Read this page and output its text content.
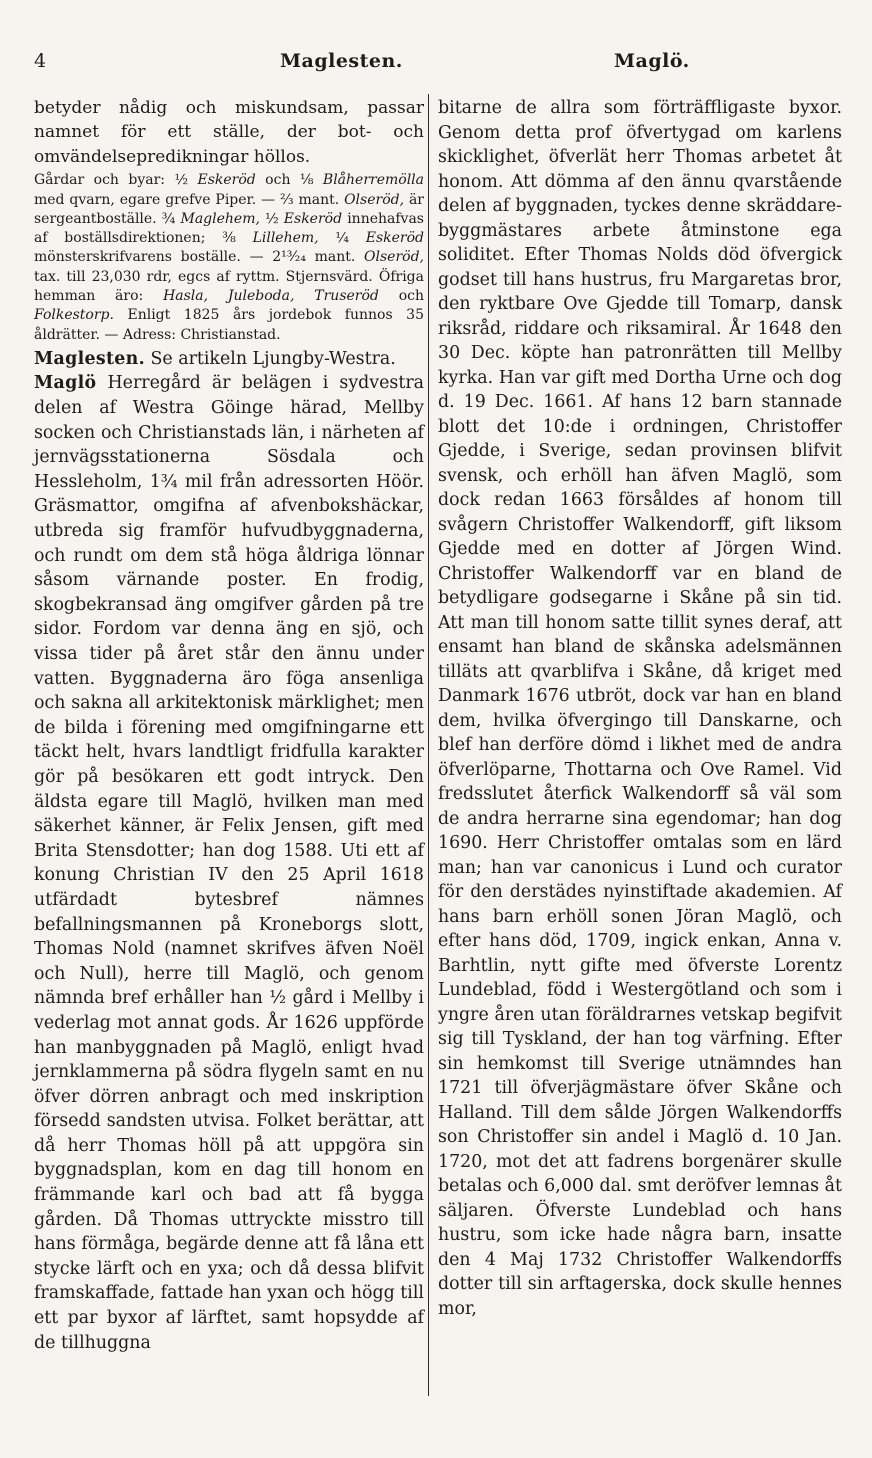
4	Maglesten.	Maglö.

betyder nådig och miskundsam, passar namnet för ett ställe, der bot- och omvändelsepredikningar höllos.

Gårdar och byar: ½ Eskeröd och ⅛ Blåherremölla med qvarn, egare grefve Piper. — ⅔ mant. Olseröd, är sergeantboställe. ¾ Maglehem, ½ Eskeröd innehafvas af boställsdirektionen; ⅜ Lillehem, ¼ Eskeröd mönsterskrifvarens boställe. — 2¹³⁄₂₄ mant. Olseröd, tax. till 23,030 rdr, egcs af ryttm. Stjernsvärd. Öfriga hemman äro: Hasla, Juleboda, Truseröd och Folkestorp. Enligt 1825 års jordebok funnos 35 åldrätter. — Adress: Christianstad.

Maglesten. Se artikeln Ljungby-Westra.

Maglö Herregård är belägen i sydvestra delen af Westra Göinge härad, Mellby socken och Christianstads län, i närheten af jernvägsstationerna Sösdala och Hessleholm, 1¾ mil från adressorten Höör. Gräsmattor, omgifna af afvenbokshäckar, utbreda sig framför hufvudbyggnaderna, och rundt om dem stå höga åldriga lönnar såsom värnande poster. En frodig, skogbekransad äng omgifver gården på tre sidor. Fordom var denna äng en sjö, och vissa tider på året står den ännu under vatten. Byggnaderna äro föga ansenliga och sakna all arkitektonisk märklighet; men de bilda i förening med omgifningarne ett täckt helt, hvars landtligt fridfulla karakter gör på besökaren ett godt intryck. Den äldsta egare till Maglö, hvilken man med säkerhet känner, är Felix Jensen, gift med Brita Stensdotter; han dog 1588. Uti ett af konung Christian IV den 25 April 1618 utfärdadt bytesbref nämnes befallningsmannen på Kroneborgs slott, Thomas Nold (namnet skrifves äfven Noël och Null), herre till Maglö, och genom nämnda bref erhåller han ½ gård i Mellby i vederlag mot annat gods. År 1626 uppförde han manbyggnaden på Maglö, enligt hvad jernklammerna på södra flygeln samt en nu öfver dörren anbragt och med inskription försedd sandsten utvisa. Folket berättar, att då herr Thomas höll på att uppgöra sin byggnadsplan, kom en dag till honom en främmande karl och bad att få bygga gården. Då Thomas uttryckte misstro till hans förmåga, begärde denne att få låna ett stycke lärft och en yxa; och då dessa blifvit framskaffade, fattade han yxan och högg till ett par byxor af lärftet, samt hopsydde af de tillhuggna

bitarne de allra som förträffligaste byxor. Genom detta prof öfvertygad om karlens skicklighet, öfverlät herr Thomas arbetet åt honom. Att dömma af den ännu qvarstående delen af byggnaden, tyckes denne skräddare-byggmästares arbete åtminstone ega soliditet. Efter Thomas Nolds död öfvergick godset till hans hustrus, fru Margaretas bror, den ryktbare Ove Gjedde till Tomarp, dansk riksråd, riddare och riksamiral. År 1648 den 30 Dec. köpte han patronrätten till Mellby kyrka. Han var gift med Dortha Urne och dog d. 19 Dec. 1661. Af hans 12 barn stannade blott det 10:de i ordningen, Christoffer Gjedde, i Sverige, sedan provinsen blifvit svensk, och erhöll han äfven Maglö, som dock redan 1663 försåldes af honom till svågern Christoffer Walkendorff, gift liksom Gjedde med en dotter af Jörgen Wind. Christoffer Walkendorff var en bland de betydligare godsegarne i Skåne på sin tid. Att man till honom satte tillit synes deraf, att ensamt han bland de skånska adelsmännen tilläts att qvarblifva i Skåne, då kriget med Danmark 1676 utbröt, dock var han en bland dem, hvilka öfvergingo till Danskarne, och blef han derföre dömd i likhet med de andra öfverlöparne, Thottarna och Ove Ramel. Vid fredsslutet återfick Walkendorff så väl som de andra herrarne sina egendomar; han dog 1690. Herr Christoffer omtalas som en lärd man; han var canonicus i Lund och curator för den derstädes nyinstiftade akademien. Af hans barn erhöll sonen Jöran Maglö, och efter hans död, 1709, ingick enkan, Anna v. Barhtlin, nytt gifte med öfverste Lorentz Lundeblad, född i Westergötland och som i yngre åren utan föräldrarnes vetskap begifvit sig till Tyskland, der han tog värfning. Efter sin hemkomst till Sverige utnämndes han 1721 till öfverjägmästare öfver Skåne och Halland. Till dem sålde Jörgen Walkendorffs son Christoffer sin andel i Maglö d. 10 Jan. 1720, mot det att fadrens borgenärer skulle betalas och 6,000 dal. smt deröfver lemnas åt säljaren. Öfverste Lundeblad och hans hustru, som icke hade några barn, insatte den 4 Maj 1732 Christoffer Walkendorffs dotter till sin arftagerska, dock skulle hennes mor,
